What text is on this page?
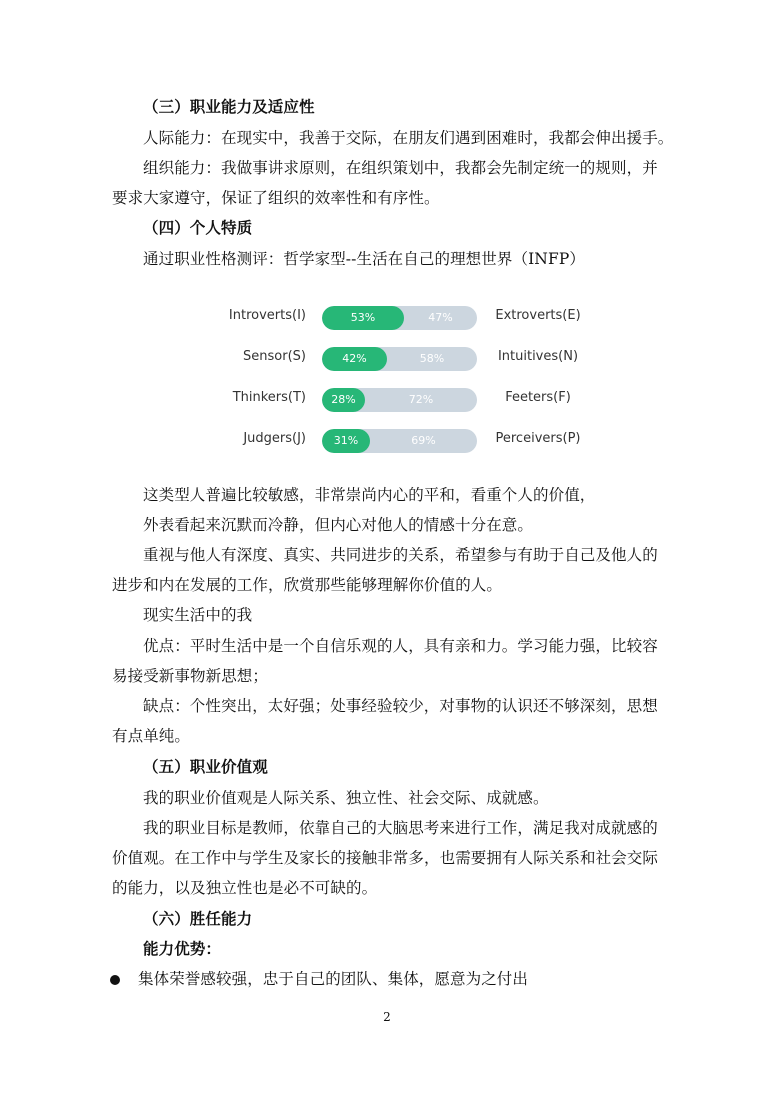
（三）职业能力及适应性
人际能力：在现实中，我善于交际，在朋友们遇到困难时，我都会伸出援手。
组织能力：我做事讲求原则，在组织策划中，我都会先制定统一的规则，并
要求大家遵守，保证了组织的效率性和有序性。
（四）个人特质
通过职业性格测评：哲学家型--生活在自己的理想世界（INFP）
Introverts(I)	53%	47%	Extroverts(E)
Sensor(S)	42%	58%	Intuitives(N)
Thinkers(T)	28%	72%	Feeters(F)
Judgers(J)	31%	69%	Perceivers(P)
这类型人普遍比较敏感，非常崇尚内心的平和，看重个人的价值，
外表看起来沉默而冷静，但内心对他人的情感十分在意。
重视与他人有深度、真实、共同进步的关系，希望参与有助于自己及他人的
进步和内在发展的工作，欣赏那些能够理解你价值的人。
现实生活中的我
优点：平时生活中是一个自信乐观的人，具有亲和力。学习能力强，比较容
易接受新事物新思想；
缺点：个性突出，太好强；处事经验较少，对事物的认识还不够深刻，思想
有点单纯。
（五）职业价值观
我的职业价值观是人际关系、独立性、社会交际、成就感。
我的职业目标是教师，依靠自己的大脑思考来进行工作，满足我对成就感的
价值观。在工作中与学生及家长的接触非常多，也需要拥有人际关系和社会交际
的能力，以及独立性也是必不可缺的。
（六）胜任能力
能力优势：
集体荣誉感较强，忠于自己的团队、集体，愿意为之付出
2
